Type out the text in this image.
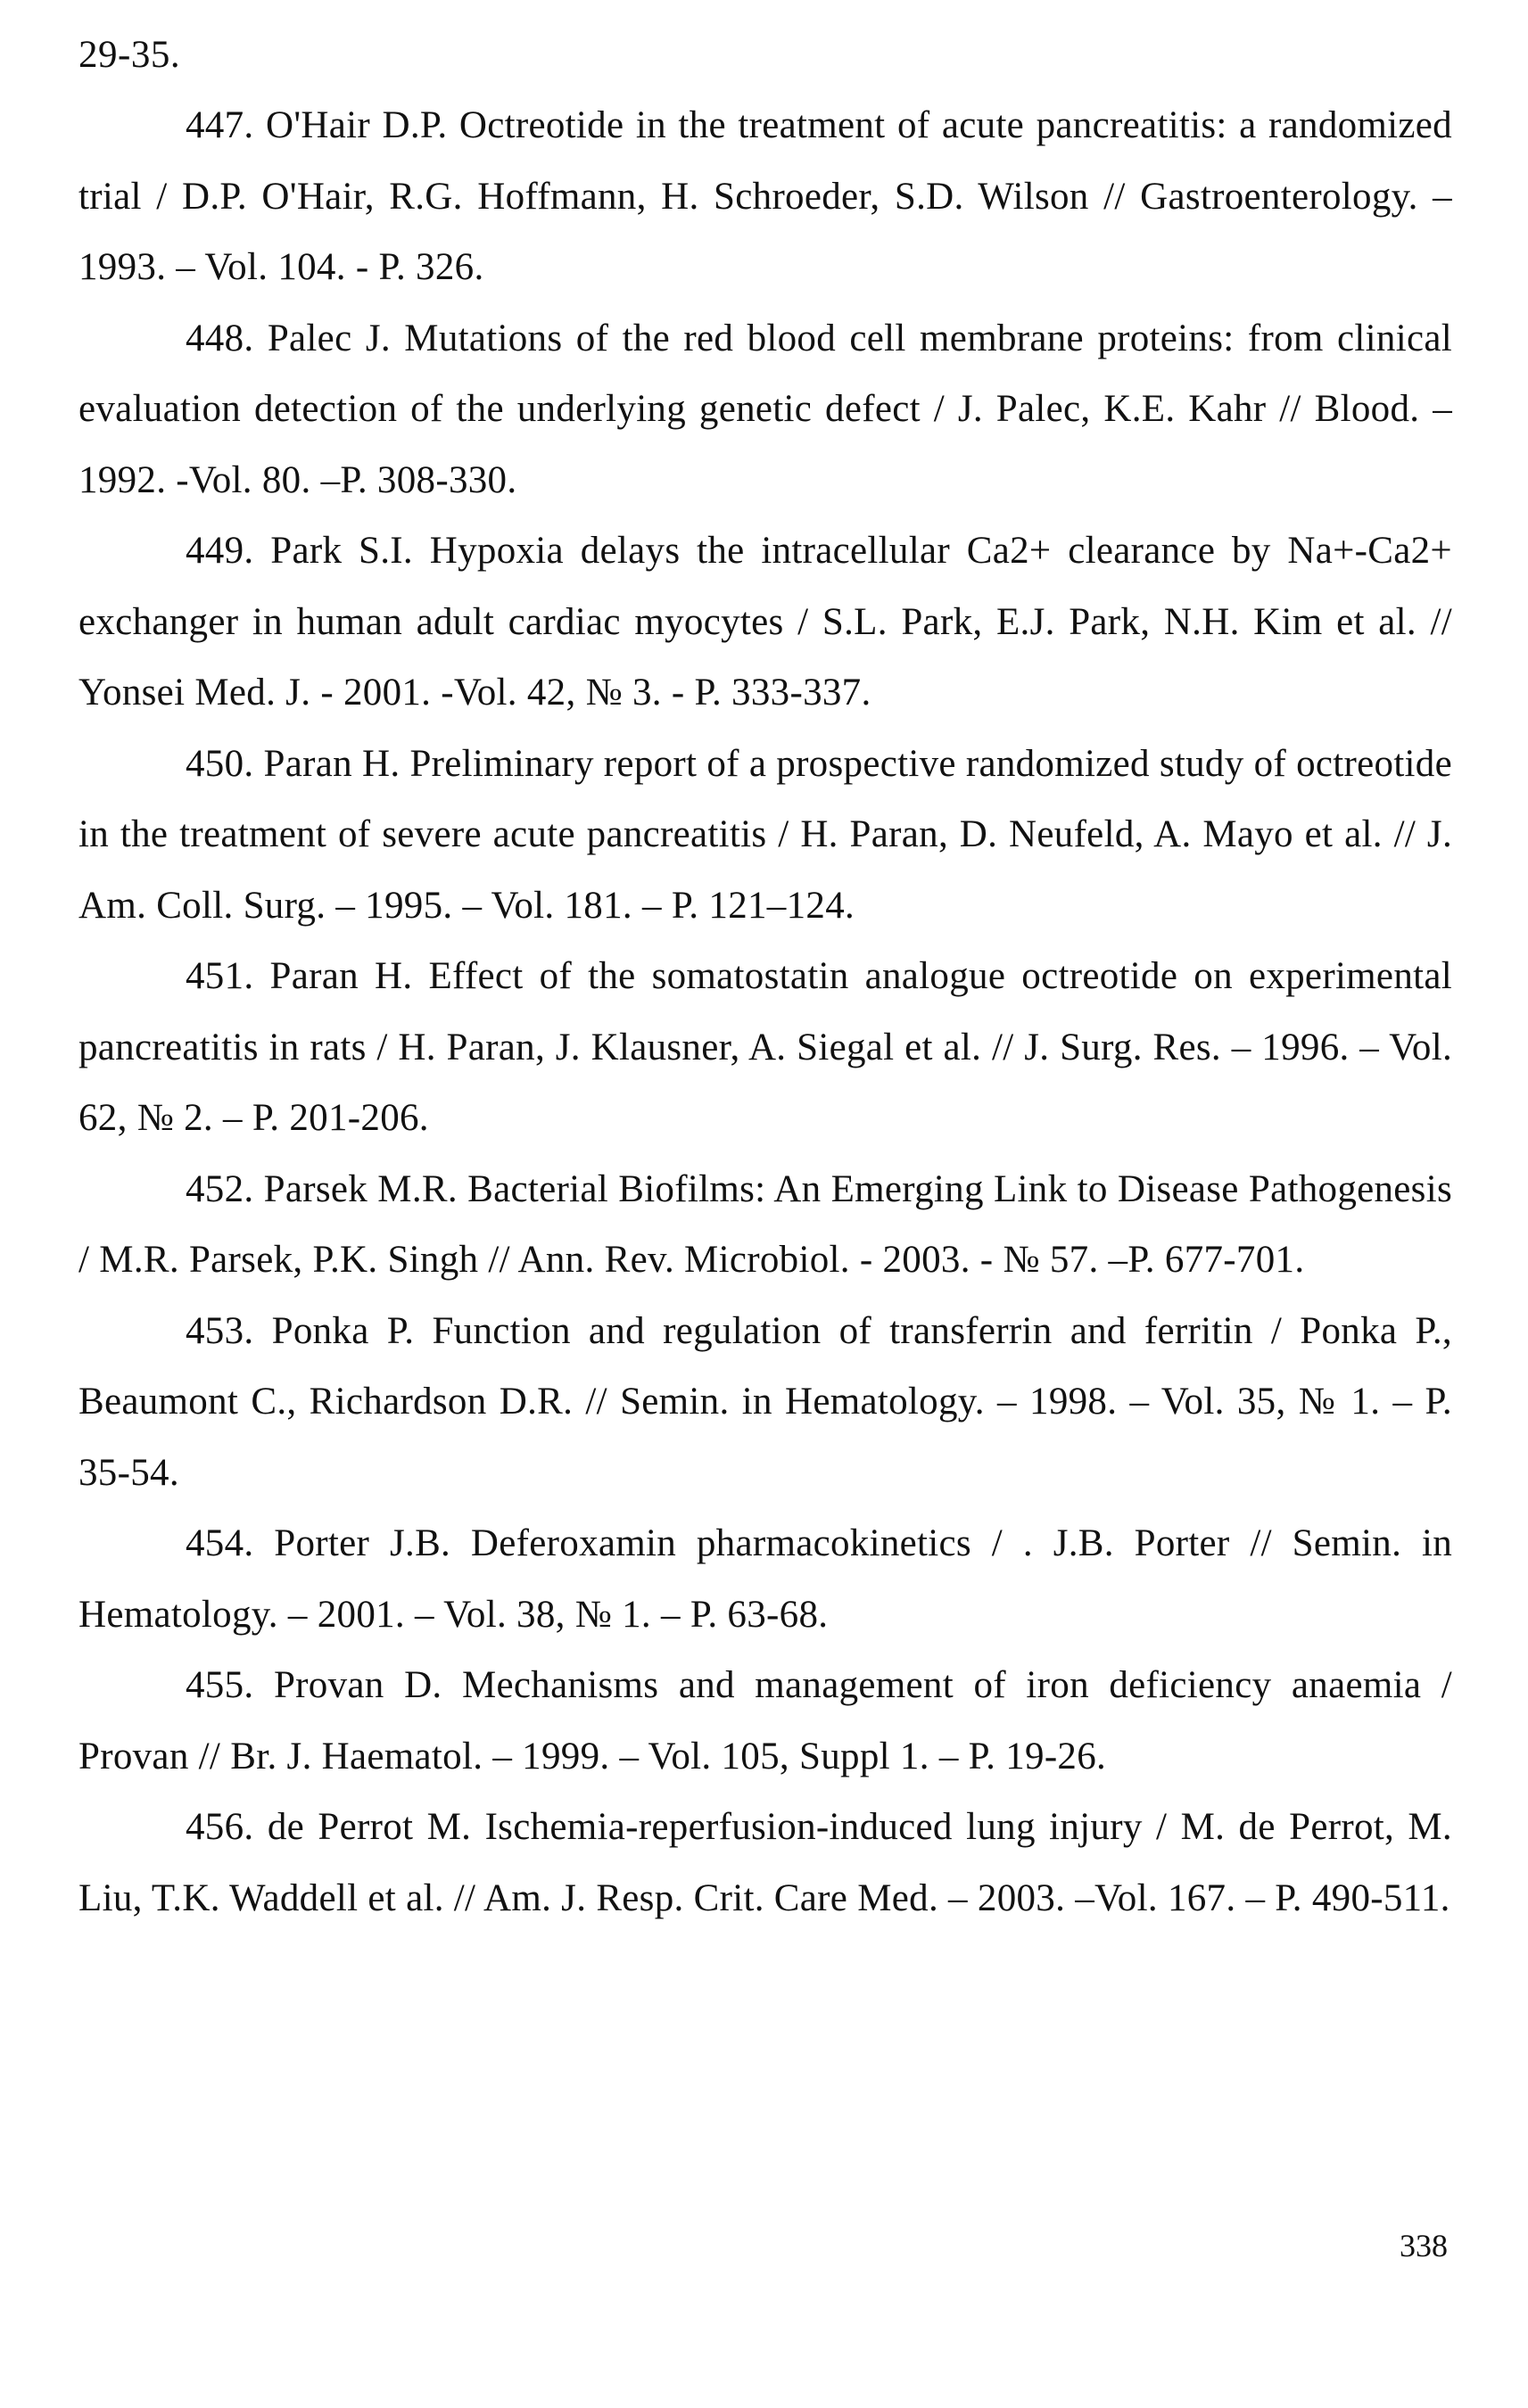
29-35.

447. O'Hair D.P. Octreotide in the treatment of acute pancreatitis: a randomized trial / D.P. O'Hair, R.G. Hoffmann, H. Schroeder, S.D. Wilson // Gastroenterology. – 1993. – Vol. 104. - P. 326.

448. Palec J. Mutations of the red blood cell membrane proteins: from clinical evaluation detection of the underlying genetic defect / J. Palec, K.E. Kahr // Blood. – 1992. -Vol. 80. –P. 308-330.

449. Park S.I. Hypoxia delays the intracellular Ca2+ clearance by Na+-Ca2+ exchanger in human adult cardiac myocytes / S.L. Park, E.J. Park, N.H. Kim et al. // Yonsei Med. J. - 2001. -Vol. 42, № 3. - P. 333-337.

450. Paran H. Preliminary report of a prospective randomized study of octreotide in the treatment of severe acute pancreatitis / H. Paran, D. Neufeld, A. Mayo et al. // J. Am. Coll. Surg. – 1995. – Vol. 181. – P. 121–124.

451. Paran H. Effect of the somatostatin analogue octreotide on experimental pancreatitis in rats / H. Paran, J. Klausner, A. Siegal et al. // J. Surg. Res. – 1996. – Vol. 62, № 2. – P. 201-206.

452. Parsek M.R. Bacterial Biofilms: An Emerging Link to Disease Pathogenesis / M.R. Parsek, P.K. Singh // Ann. Rev. Microbiol. - 2003. - № 57. –P. 677-701.

453. Ponka P. Function and regulation of transferrin and ferritin / Ponka P., Beaumont C., Richardson D.R. // Semin. in Hematology. – 1998. – Vol. 35, № 1. – P. 35-54.

454. Porter J.B. Deferoxamin pharmacokinetics / . J.B. Porter // Semin. in Hematology. – 2001. – Vol. 38, № 1. – P. 63-68.

455. Provan D. Mechanisms and management of iron deficiency anaemia / Provan // Br. J. Haematol. – 1999. – Vol. 105, Suppl 1. – P. 19-26.

456. de Perrot M. Ischemia-reperfusion-induced lung injury / M. de Perrot, M. Liu, T.K. Waddell et al. // Am. J. Resp. Crit. Care Med. – 2003. –Vol. 167. – P. 490-511.

338
